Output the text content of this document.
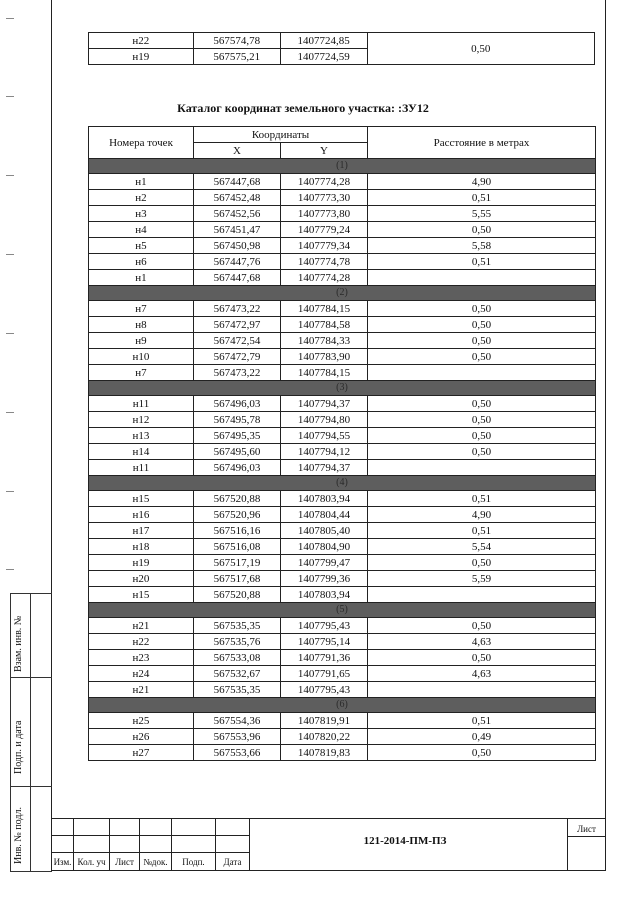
Взам. инв. №
Подп. и дата
Инв. № подл.
н22	567574,78	1407724,85	0,50
н19	567575,21	1407724,59	
Каталог координат земельного участка: :ЗУ12
Номера точек	Координаты		Расстояние в метрах
	X	Y	
(1)			
н1	567447,68	1407774,28	4,90
н2	567452,48	1407773,30	0,51
н3	567452,56	1407773,80	5,55
н4	567451,47	1407779,24	0,50
н5	567450,98	1407779,34	5,58
н6	567447,76	1407774,78	0,51
н1	567447,68	1407774,28	
(2)			
н7	567473,22	1407784,15	0,50
н8	567472,97	1407784,58	0,50
н9	567472,54	1407784,33	0,50
н10	567472,79	1407783,90	0,50
н7	567473,22	1407784,15	
(3)			
н11	567496,03	1407794,37	0,50
н12	567495,78	1407794,80	0,50
н13	567495,35	1407794,55	0,50
н14	567495,60	1407794,12	0,50
н11	567496,03	1407794,37	
(4)			
н15	567520,88	1407803,94	0,51
н16	567520,96	1407804,44	4,90
н17	567516,16	1407805,40	0,51
н18	567516,08	1407804,90	5,54
н19	567517,19	1407799,47	0,50
н20	567517,68	1407799,36	5,59
н15	567520,88	1407803,94	
(5)			
н21	567535,35	1407795,43	0,50
н22	567535,76	1407795,14	4,63
н23	567533,08	1407791,36	0,50
н24	567532,67	1407791,65	4,63
н21	567535,35	1407795,43	
(6)			
н25	567554,36	1407819,91	0,51
н26	567553,96	1407820,22	0,49
н27	567553,66	1407819,83	0,50
Изм. Кол. уч	Лист	№док.	Подп.	Дата
121-2014-ПМ-ПЗ
Лист
